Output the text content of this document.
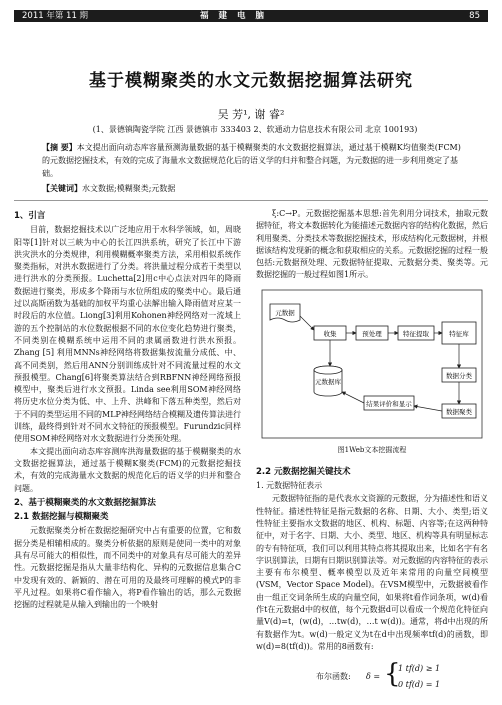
2011 年第 11 期	福建电脑	85
基于模糊聚类的水文元数据挖掘算法研究
吴 芳¹, 谢 睿²
(1、景德镇陶瓷学院 江西 景德镇市 333403 2、软通动力信息技术有限公司 北京 100193)
【摘 要】本文提出面向动态库容量预测海量数据的基于模糊聚类的水文数据挖掘算法，通过基于模糊K均值聚类(FCM)的元数据挖掘技术，有效的完成了海量水文数据规范化后的语义学的归并和整合问题，为元数据的进一步利用奠定了基础。
【关键词】水文数据;模糊聚类;元数据
1、引言

目前，数据挖掘技术以广泛地应用于水科学领域，如，周晓阳等[1]针对以三峡为中心的长江四洪系统，研究了长江中下游洪灾洪水的分类规律，利用模糊概率聚类方法，采用相似系统作聚类指标，对洪水数据进行了分类。将洪量过程分成若干类型以进行洪水的分类预报。Luchetta[2]用c中心点法对四年的降雨数据进行聚类，形成多个降雨与水位所组成的聚类中心。最后通过以高斯函数为基础的加权平均重心法解出输入降雨值对应某一时段后的水位值。Liong[3]利用Kohonen神经网络对一流域上游的五个控制站的水位数据根据不同的水位变化趋势进行聚类，不同类别在模糊系统中运用不同的隶属函数进行洪水预报。Zhang [5] 利用MNNs神经网络将数据集按流量分成低、中、高不同类别，然后用ANN分别训练成针对不同流量过程的水文预报模型。Chang[6]将聚类算法结合到RBFNN神经网络预报模型中，聚类后进行水文预报。Linda see利用SOM神经网络将历史水位分类为低、中、上升、洪峰和下落五种类型，然后对于不同的类型运用不同的MLP神经网络结合模糊及遗传算法进行训练，最终得到针对不同水文特征的预报模型。Furundzic同样使用SOM神经网络对水文数据进行分类预处理。

本文提出面向动态库容测库洪海量数据的基于模糊聚类的水文数据挖掘算法，通过基于模糊K聚类(FCM)的元数据挖掘技术，有效的完成海量水文数据的规范化后的语义学的归并和整合问题。

2、基于模糊聚类的水文数据挖掘算法
2.1 数据挖掘与模糊聚类

元数据聚类分析在数据挖掘研究中占有重要的位置，它和数据分类是相辅相成的。聚类分析依据的原则是使同一类中的对象具有尽可能大的相似性，而不同类中的对象具有尽可能大的差异性。元数据挖掘是指从大量非结构化、异构的元数据信息集合C中发现有效的、新颖的、潜在可用的及最终可理解的模式P的非平凡过程。如果将C看作输入，将P看作输出的话，那么元数据挖掘的过程就是从输入到输出的一个映射

ξ:C→P。元数据挖掘基本思想:首先利用分词技术，抽取元数据特征，将文本数据转化为能描述元数据内容的结构化数据，然后利用聚类、分类技术等数据挖掘技术，形成结构化元数据树，并根据该结构发现新的概念和获取相应的关系。元数据挖掘的过程一般包括:元数据预处理、元数据特征提取、元数据分类、聚类等。元数据挖掘的一般过程如图1所示。

元数据
收集	预处理	特征提取	特征库
元数据库
数据分类
结果评价和显示
数据聚类
图1Web文本挖掘流程
2.2 元数据挖掘关键技术
1. 元数据特征表示

元数据特征指的是代表水文资源的元数据，分为描述性和语义性特征。描述性特征是指元数据的名称、日期、大小、类型;语义性特征主要指水文数据的地区、机构、标题、内容等;在这两种特征中，对于名字、日期、大小、类型、地区、机构等具有明显标志的专有特征项，我们可以利用其特点将其提取出来，比如名字有名字识别算法，日期有日期识别算法等。对元数据的内容特征的表示主要有布尔模型、概率模型以及近年来常用的向量空间模型(VSM，Vector Space Model)。在VSM模型中，元数据被看作由一组正交词条所生成的向量空间，如果将t看作词条项，w(d)看作t在元数据d中的权值，每个元数据d可以看成一个规范化特征向量V(d)=t，(w(d)，…tw(d)，…t w(d))。通常，将d中出现的所有数据作为t。w(d)一般定义为t在d中出现频率tf(d)的函数，即w(d)=8(tf(d))。常用的8函数有:

布尔函数: δ = {
1 tf(d) ≥ 1
0 tf(d) = 1
